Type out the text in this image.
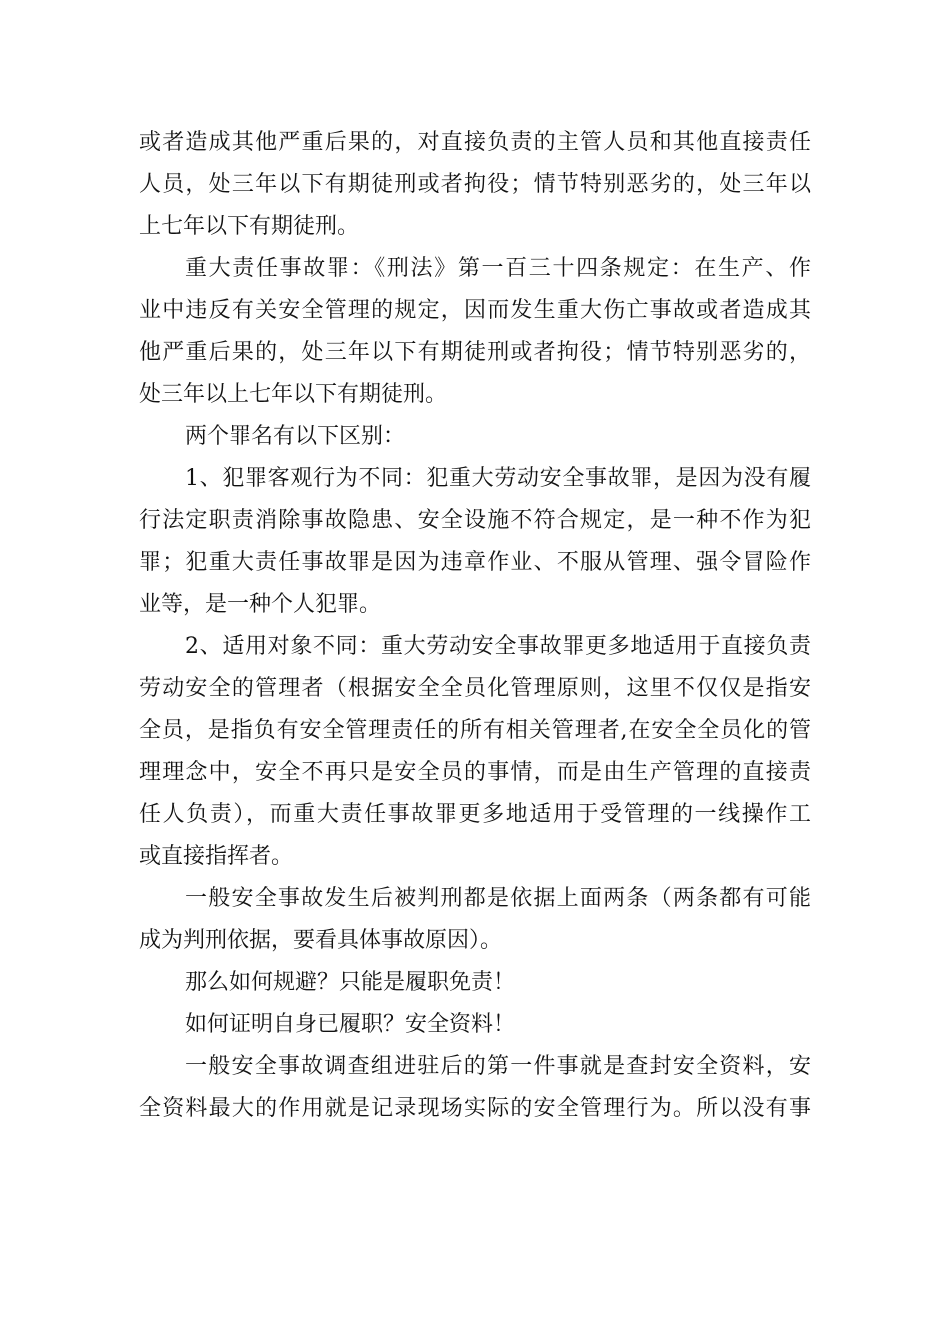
或者造成其他严重后果的，对直接负责的主管人员和其他直接责任
人员，处三年以下有期徒刑或者拘役；情节特别恶劣的，处三年以
上七年以下有期徒刑。
重大责任事故罪：《刑法》第一百三十四条规定：在生产、作
业中违反有关安全管理的规定，因而发生重大伤亡事故或者造成其
他严重后果的，处三年以下有期徒刑或者拘役；情节特别恶劣的，
处三年以上七年以下有期徒刑。
两个罪名有以下区别：
1、犯罪客观行为不同：犯重大劳动安全事故罪，是因为没有履
行法定职责消除事故隐患、安全设施不符合规定，是一种不作为犯
罪；犯重大责任事故罪是因为违章作业、不服从管理、强令冒险作
业等，是一种个人犯罪。
2、适用对象不同：重大劳动安全事故罪更多地适用于直接负责
劳动安全的管理者（根据安全全员化管理原则，这里不仅仅是指安
全员，是指负有安全管理责任的所有相关管理者,在安全全员化的管
理理念中，安全不再只是安全员的事情，而是由生产管理的直接责
任人负责），而重大责任事故罪更多地适用于受管理的一线操作工
或直接指挥者。
一般安全事故发生后被判刑都是依据上面两条（两条都有可能
成为判刑依据，要看具体事故原因）。
那么如何规避？只能是履职免责！
如何证明自身已履职？安全资料！
一般安全事故调查组进驻后的第一件事就是查封安全资料，安
全资料最大的作用就是记录现场实际的安全管理行为。所以没有事
